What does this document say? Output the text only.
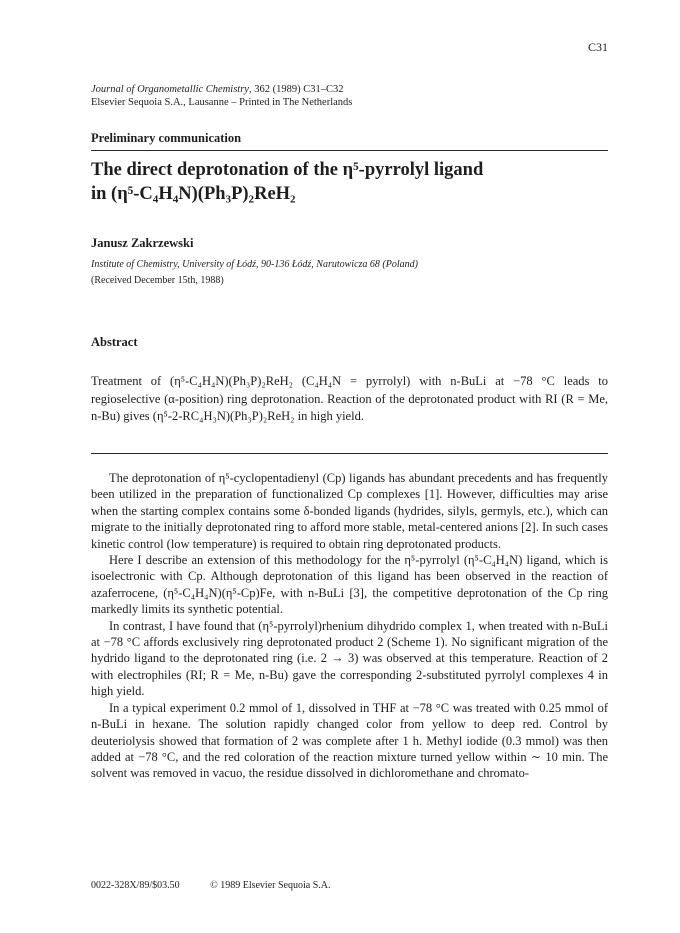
C31
Journal of Organometallic Chemistry, 362 (1989) C31–C32
Elsevier Sequoia S.A., Lausanne – Printed in The Netherlands
Preliminary communication
The direct deprotonation of the η⁵-pyrrolyl ligand
in (η⁵-C₄H₄N)(Ph₃P)₂ReH₂
Janusz Zakrzewski
Institute of Chemistry, University of Łódź, 90-136 Łódź, Narutowicza 68 (Poland)
(Received December 15th, 1988)
Abstract

Treatment of (η⁵-C₄H₄N)(Ph₃P)₂ReH₂ (C₄H₄N = pyrrolyl) with n-BuLi at −78 °C leads to regioselective (α-position) ring deprotonation. Reaction of the deprotonated product with RI (R = Me, n-Bu) gives (η⁵-2-RC₄H₃N)(Ph₃P)₂ReH₂ in high yield.

The deprotonation of η⁵-cyclopentadienyl (Cp) ligands has abundant precedents and has frequently been utilized in the preparation of functionalized Cp complexes [1]. However, difficulties may arise when the starting complex contains some δ-bonded ligands (hydrides, silyls, germyls, etc.), which can migrate to the initially deprotonated ring to afford more stable, metal-centered anions [2]. In such cases kinetic control (low temperature) is required to obtain ring deprotonated products.

Here I describe an extension of this methodology for the η⁵-pyrrolyl (η⁵-C₄H₄N) ligand, which is isoelectronic with Cp. Although deprotonation of this ligand has been observed in the reaction of azaferrocene, (η⁵-C₄H₄N)(η⁵-Cp)Fe, with n-BuLi [3], the competitive deprotonation of the Cp ring markedly limits its synthetic potential.

In contrast, I have found that (η⁵-pyrrolyl)rhenium dihydrido complex 1, when treated with n-BuLi at −78 °C affords exclusively ring deprotonated product 2 (Scheme 1). No significant migration of the hydrido ligand to the deprotonated ring (i.e. 2 → 3) was observed at this temperature. Reaction of 2 with electrophiles (RI; R = Me, n-Bu) gave the corresponding 2-substituted pyrrolyl complexes 4 in high yield.

In a typical experiment 0.2 mmol of 1, dissolved in THF at −78 °C was treated with 0.25 mmol of n-BuLi in hexane. The solution rapidly changed color from yellow to deep red. Control by deuteriolysis showed that formation of 2 was complete after 1 h. Methyl iodide (0.3 mmol) was then added at −78 °C, and the red coloration of the reaction mixture turned yellow within ∼ 10 min. The solvent was removed in vacuo, the residue dissolved in dichloromethane and chromato-

0022-328X/89/$03.50	© 1989 Elsevier Sequoia S.A.
